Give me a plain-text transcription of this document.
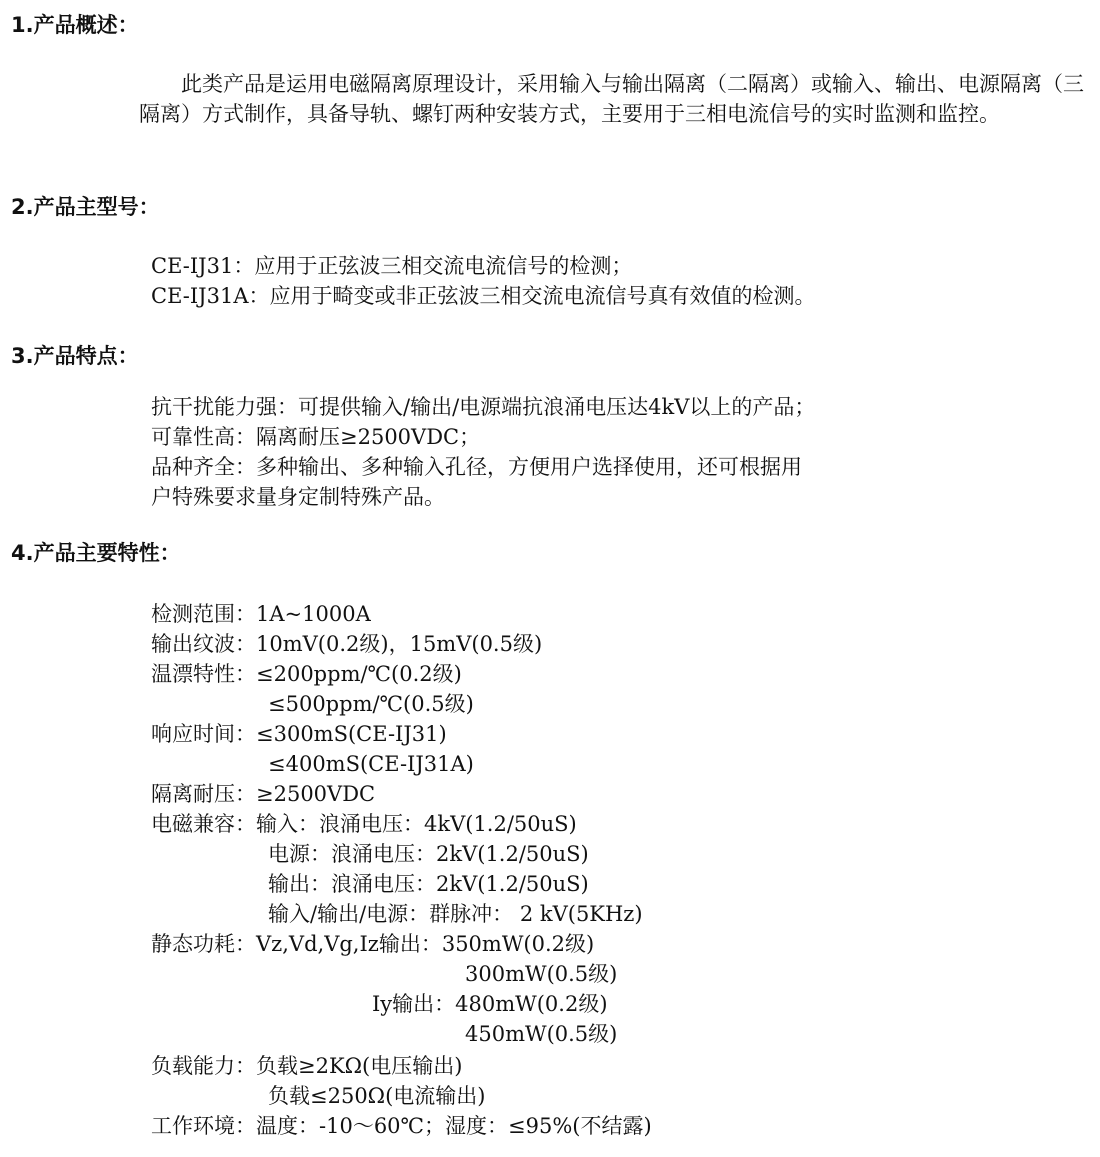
1.产品概述：
此类产品是运用电磁隔离原理设计，采用输入与输出隔离（二隔离）或输入、输出、电源隔离（三隔离）方式制作，具备导轨、螺钉两种安装方式，主要用于三相电流信号的实时监测和监控。
2.产品主型号：
CE-IJ31：应用于正弦波三相交流电流信号的检测；
CE-IJ31A：应用于畸变或非正弦波三相交流电流信号真有效值的检测。
3.产品特点：
抗干扰能力强：可提供输入/输出/电源端抗浪涌电压达4kV以上的产品；
可靠性高：隔离耐压≥2500VDC；
品种齐全：多种输出、多种输入孔径，方便用户选择使用，还可根据用
户特殊要求量身定制特殊产品。
4.产品主要特性：
检测范围：1A~1000A
输出纹波：10mV(0.2级)，15mV(0.5级)
温漂特性：≤200ppm/℃(0.2级)
≤500ppm/℃(0.5级)
响应时间：≤300mS(CE-IJ31)
≤400mS(CE-IJ31A)
隔离耐压：≥2500VDC
电磁兼容：输入：浪涌电压：4kV(1.2/50uS)
电源：浪涌电压：2kV(1.2/50uS)
输出：浪涌电压：2kV(1.2/50uS)
输入/输出/电源：群脉冲： 2 kV(5KHz)
静态功耗：Vz,Vd,Vg,Iz输出：350mW(0.2级)
300mW(0.5级)
Iy输出：480mW(0.2级)
450mW(0.5级)
负载能力：负载≥2KΩ(电压输出)
负载≤250Ω(电流输出)
工作环境：温度：-10～60℃；湿度：≤95%(不结露)
